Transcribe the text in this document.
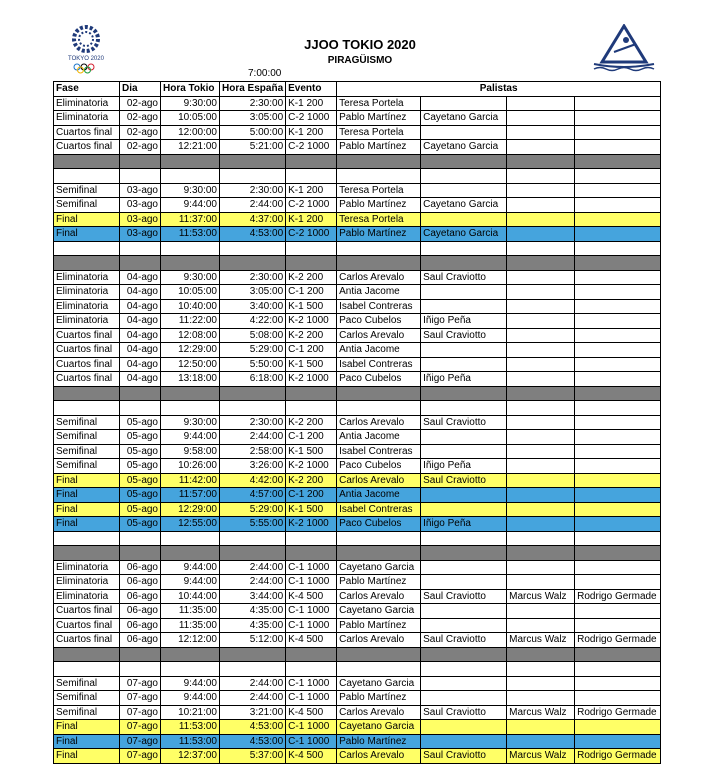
TOKYO 2020
JJOO TOKIO 2020
PIRAGÜISMO
7:00:00
Fase	Dia	Hora Tokio	Hora España	Evento	Palistas			
Eliminatoria	02-ago	9:30:00	2:30:00	K-1 200	Teresa Portela			
Eliminatoria	02-ago	10:05:00	3:05:00	C-2 1000	Pablo Martínez	Cayetano Garcia		
Cuartos final	02-ago	12:00:00	5:00:00	K-1 200	Teresa Portela			
Cuartos final	02-ago	12:21:00	5:21:00	C-2 1000	Pablo Martínez	Cayetano Garcia		

Semifinal	03-ago	9:30:00	2:30:00	K-1 200	Teresa Portela			
Semifinal	03-ago	9:44:00	2:44:00	C-2 1000	Pablo Martínez	Cayetano Garcia		
Final	03-ago	11:37:00	4:37:00	K-1 200	Teresa Portela			
Final	03-ago	11:53:00	4:53:00	C-2 1000	Pablo Martínez	Cayetano Garcia		

Eliminatoria	04-ago	9:30:00	2:30:00	K-2 200	Carlos Arevalo	Saul Craviotto		
Eliminatoria	04-ago	10:05:00	3:05:00	C-1 200	Antia Jacome			
Eliminatoria	04-ago	10:40:00	3:40:00	K-1 500	Isabel Contreras			
Eliminatoria	04-ago	11:22:00	4:22:00	K-2 1000	Paco Cubelos	Iñigo Peña		
Cuartos final	04-ago	12:08:00	5:08:00	K-2 200	Carlos Arevalo	Saul Craviotto		
Cuartos final	04-ago	12:29:00	5:29:00	C-1 200	Antia Jacome			
Cuartos final	04-ago	12:50:00	5:50:00	K-1 500	Isabel Contreras			
Cuartos final	04-ago	13:18:00	6:18:00	K-2 1000	Paco Cubelos	Iñigo Peña		

Semifinal	05-ago	9:30:00	2:30:00	K-2 200	Carlos Arevalo	Saul Craviotto		
Semifinal	05-ago	9:44:00	2:44:00	C-1 200	Antia Jacome			
Semifinal	05-ago	9:58:00	2:58:00	K-1 500	Isabel Contreras			
Semifinal	05-ago	10:26:00	3:26:00	K-2 1000	Paco Cubelos	Iñigo Peña		
Final	05-ago	11:42:00	4:42:00	K-2 200	Carlos Arevalo	Saul Craviotto		
Final	05-ago	11:57:00	4:57:00	C-1 200	Antia Jacome			
Final	05-ago	12:29:00	5:29:00	K-1 500	Isabel Contreras			
Final	05-ago	12:55:00	5:55:00	K-2 1000	Paco Cubelos	Iñigo Peña		

Eliminatoria	06-ago	9:44:00	2:44:00	C-1 1000	Cayetano Garcia			
Eliminatoria	06-ago	9:44:00	2:44:00	C-1 1000	Pablo Martínez			
Eliminatoria	06-ago	10:44:00	3:44:00	K-4 500	Carlos Arevalo	Saul Craviotto	Marcus Walz	Rodrigo Germade
Cuartos final	06-ago	11:35:00	4:35:00	C-1 1000	Cayetano Garcia			
Cuartos final	06-ago	11:35:00	4:35:00	C-1 1000	Pablo Martínez			
Cuartos final	06-ago	12:12:00	5:12:00	K-4 500	Carlos Arevalo	Saul Craviotto	Marcus Walz	Rodrigo Germade

Semifinal	07-ago	9:44:00	2:44:00	C-1 1000	Cayetano Garcia			
Semifinal	07-ago	9:44:00	2:44:00	C-1 1000	Pablo Martínez			
Semifinal	07-ago	10:21:00	3:21:00	K-4 500	Carlos Arevalo	Saul Craviotto	Marcus Walz	Rodrigo Germade
Final	07-ago	11:53:00	4:53:00	C-1 1000	Cayetano Garcia			
Final	07-ago	11:53:00	4:53:00	C-1 1000	Pablo Martínez			
Final	07-ago	12:37:00	5:37:00	K-4 500	Carlos Arevalo	Saul Craviotto	Marcus Walz	Rodrigo Germade
